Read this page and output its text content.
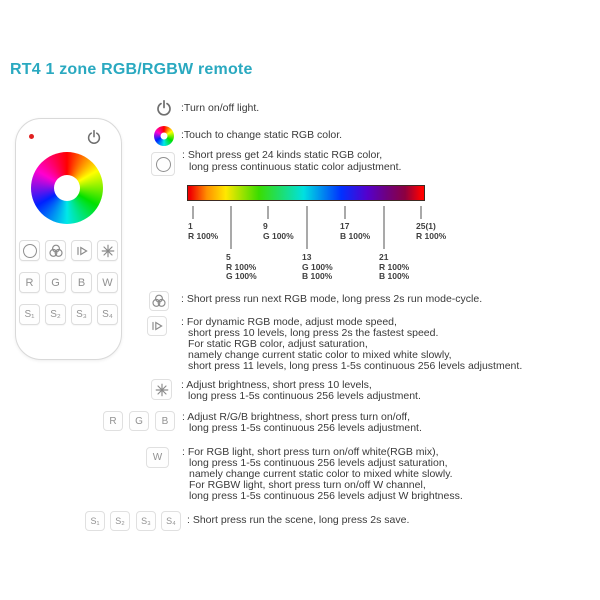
RT4 1 zone RGB/RGBW remote
R	G	B	W
S₁	S₂	S₃	S₄
:Turn on/off light.
:Touch to change static RGB color.
: Short press get 24 kinds static RGB color,
long press continuous static color adjustment.
1
R 100%
5
R 100%
G 100%
9
G 100%
13
G 100%
B 100%
17
B 100%
21
R 100%
B 100%
25(1)
R 100%
: Short press run next RGB mode, long press 2s run mode-cycle.
: For dynamic RGB mode, adjust mode speed,
short press 10 levels, long press 2s the fastest speed.
For static RGB color, adjust saturation,
namely change current static color to mixed white slowly,
short press 11 levels, long press 1-5s continuous 256 levels adjustment.
: Adjust brightness, short press 10 levels,
long press 1-5s continuous 256 levels adjustment.
R	G	B	: Adjust R/G/B brightness, short press turn on/off,
long press 1-5s continuous 256 levels adjustment.
W	: For RGB light, short press turn on/off white(RGB mix),
long press 1-5s continuous 256 levels adjust saturation,
namely change current static color to mixed white slowly.
For RGBW light, short press turn on/off W channel,
long press 1-5s continuous 256 levels adjust W brightness.
S₁	S₂	S₃	S₄	: Short press run the scene, long press 2s save.
